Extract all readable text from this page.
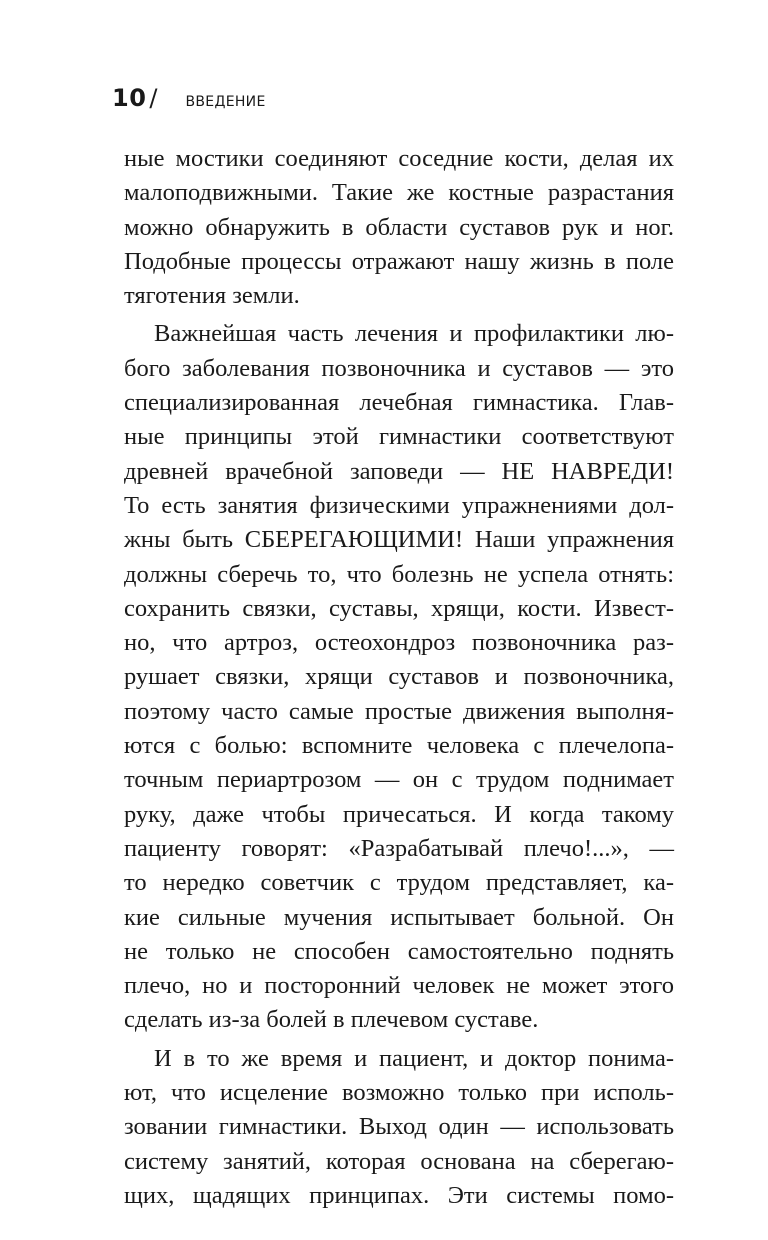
10 / ВВЕДЕНИЕ
ные мостики соединяют соседние кости, делая их
малоподвижными. Такие же костные разрастания
можно обнаружить в области суставов рук и ног.
Подобные процессы отражают нашу жизнь в поле
тяготения земли.
Важнейшая часть лечения и профилактики лю-
бого заболевания позвоночника и суставов — это
специализированная лечебная гимнастика. Глав-
ные принципы этой гимнастики соответствуют
древней врачебной заповеди — НЕ НАВРЕДИ!
То есть занятия физическими упражнениями дол-
жны быть СБЕРЕГАЮЩИМИ! Наши упражнения
должны сберечь то, что болезнь не успела отнять:
сохранить связки, суставы, хрящи, кости. Извест-
но, что артроз, остеохондроз позвоночника раз-
рушает связки, хрящи суставов и позвоночника,
поэтому часто самые простые движения выполня-
ются с болью: вспомните человека с плечелопа-
точным периартрозом — он с трудом поднимает
руку, даже чтобы причесаться. И когда такому
пациенту говорят: «Разрабатывай плечо!...», —
то нередко советчик с трудом представляет, ка-
кие сильные мучения испытывает больной. Он
не только не способен самостоятельно поднять
плечо, но и посторонний человек не может этого
сделать из-за болей в плечевом суставе.
И в то же время и пациент, и доктор понима-
ют, что исцеление возможно только при исполь-
зовании гимнастики. Выход один — использовать
систему занятий, которая основана на сберегаю-
щих, щадящих принципах. Эти системы помо-
